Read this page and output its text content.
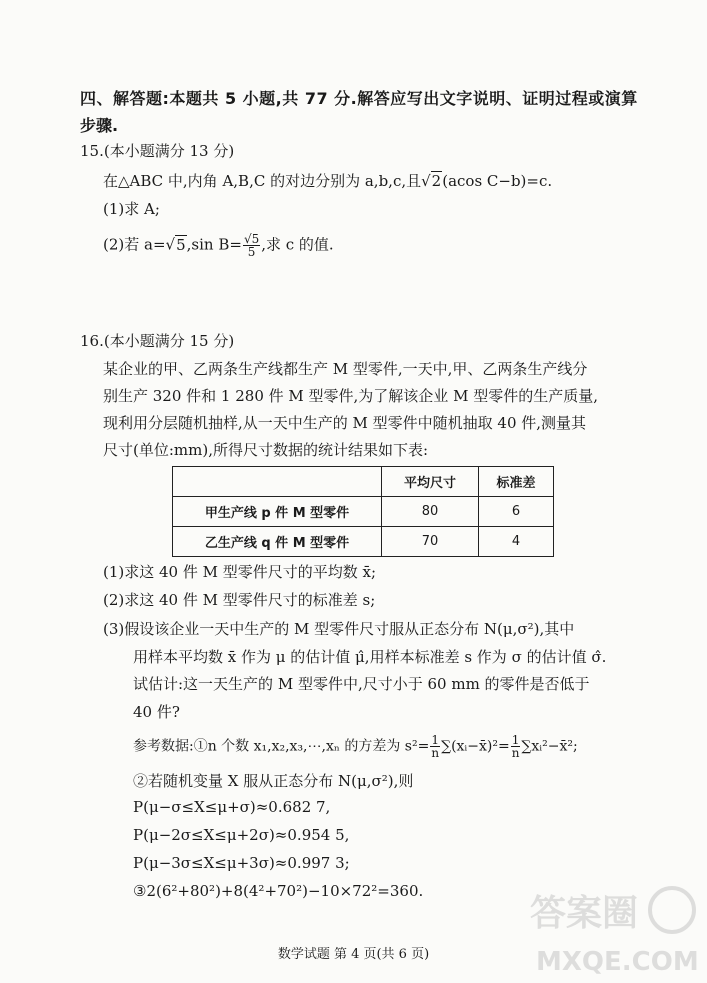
四、解答题:本题共 5 小题,共 77 分.解答应写出文字说明、证明过程或演算
步骤.
15.(本小题满分 13 分)
在△ABC 中,内角 A,B,C 的对边分别为 a,b,c,且√2(acos C−b)=c.
(1)求 A;
(2)若 a=√5,sin $B= \frac{√5}{5}$ ,求 c 的值.
16.(本小题满分 15 分)
某企业的甲、乙两条生产线都生产 M 型零件,一天中,甲、乙两条生产线分
别生产 320 件和 1 280 件 M 型零件,为了解该企业 M 型零件的生产质量,
现利用分层随机抽样,从一天中生产的 M 型零件中随机抽取 40 件,测量其
尺寸(单位:mm),所得尺寸数据的统计结果如下表:
	平均尺寸	标准差
甲生产线 p 件 M 型零件	80	6
乙生产线 q 件 M 型零件	70	4
(1)求这 40 件 M 型零件尺寸的平均数 x̄;
(2)求这 40 件 M 型零件尺寸的标准差 s;
(3)假设该企业一天中生产的 M 型零件尺寸服从正态分布 N(μ,σ²),其中
用样本平均数 x̄ 作为 μ 的估计值 μ̂,用样本标准差 s 作为 σ 的估计值 σ̂.
试估计:这一天生产的 M 型零件中,尺寸小于 60 mm 的零件是否低于
40 件?
参考数据:①n 个数 x₁,x₂,x₃,⋯,xₙ 的方差为 $s^2= \frac{1}{n}$ ∑(xᵢ−x̄)²= $\frac{1}{n}$ ∑xᵢ²−x̄²;
②若随机变量 X 服从正态分布 N(μ,σ²),则
P(μ−σ≤X≤μ+σ)≈0.682 7,
P(μ−2σ≤X≤μ+2σ)≈0.954 5,
P(μ−3σ≤X≤μ+3σ)≈0.997 3;
③2(6²+80²)+8(4²+70²)−10×72²=360.
数学试题 第 4 页(共 6 页)
答案圈
MXQE.COM
